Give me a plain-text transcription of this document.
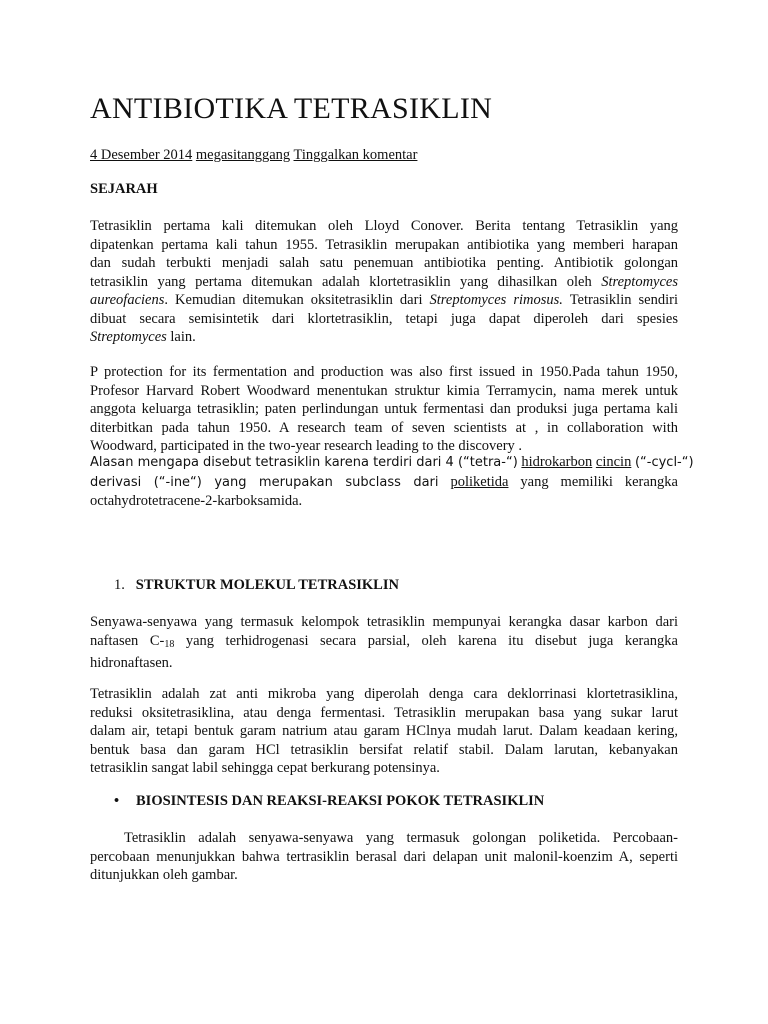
ANTIBIOTIKA TETRASIKLIN
4 Desember 2014 megasitanggang Tinggalkan komentar

SEJARAH

Tetrasiklin pertama kali ditemukan oleh Lloyd Conover. Berita tentang Tetrasiklin yang
dipatenkan pertama kali tahun 1955. Tetrasiklin merupakan antibiotika yang memberi harapan
dan sudah terbukti menjadi salah satu penemuan antibiotika penting. Antibiotik golongan
tetrasiklin yang pertama ditemukan adalah klortetrasiklin yang dihasilkan oleh Streptomyces
aureofaciens. Kemudian ditemukan oksitetrasiklin dari Streptomyces rimosus. Tetrasiklin sendiri
dibuat secara semisintetik dari klortetrasiklin, tetapi juga dapat diperoleh dari spesies
Streptomyces lain.
P protection for its fermentation and production was also first issued in 1950.Pada tahun 1950,
Profesor Harvard Robert Woodward menentukan struktur kimia Terramycin, nama merek untuk
anggota keluarga tetrasiklin; paten perlindungan untuk fermentasi dan produksi juga pertama kali
diterbitkan pada tahun 1950. A research team of seven scientists at , in collaboration with
Woodward, participated in the two-year research leading to the discovery .
Alasan mengapa disebut tetrasiklin karena terdiri dari 4 (“tetra-“) hidrokarbon cincin (“-cycl-“)
derivasi (“-ine“) yang merupakan subclass dari poliketida yang memiliki kerangka
octahydrotetracene-2-karboksamida.
1. STRUKTUR MOLEKUL TETRASIKLIN
Senyawa-senyawa yang termasuk kelompok tetrasiklin mempunyai kerangka dasar karbon dari
naftasen $C-_{18}$ yang terhidrogenasi secara parsial, oleh karena itu disebut juga kerangka
hidronaftasen.
Tetrasiklin adalah zat anti mikroba yang diperolah denga cara deklorrinasi klortetrasiklina,
reduksi oksitetrasiklina, atau denga fermentasi. Tetrasiklin merupakan basa yang sukar larut
dalam air, tetapi bentuk garam natrium atau garam HClnya mudah larut. Dalam keadaan kering,
bentuk basa dan garam HCl tetrasiklin bersifat relatif stabil. Dalam larutan, kebanyakan
tetrasiklin sangat labil sehingga cepat berkurang potensinya.
• BIOSINTESIS DAN REAKSI-REAKSI POKOK TETRASIKLIN
Tetrasiklin adalah senyawa-senyawa yang termasuk golongan poliketida. Percobaan-
percobaan menunjukkan bahwa tertrasiklin berasal dari delapan unit malonil-koenzim A, seperti
ditunjukkan oleh gambar.
